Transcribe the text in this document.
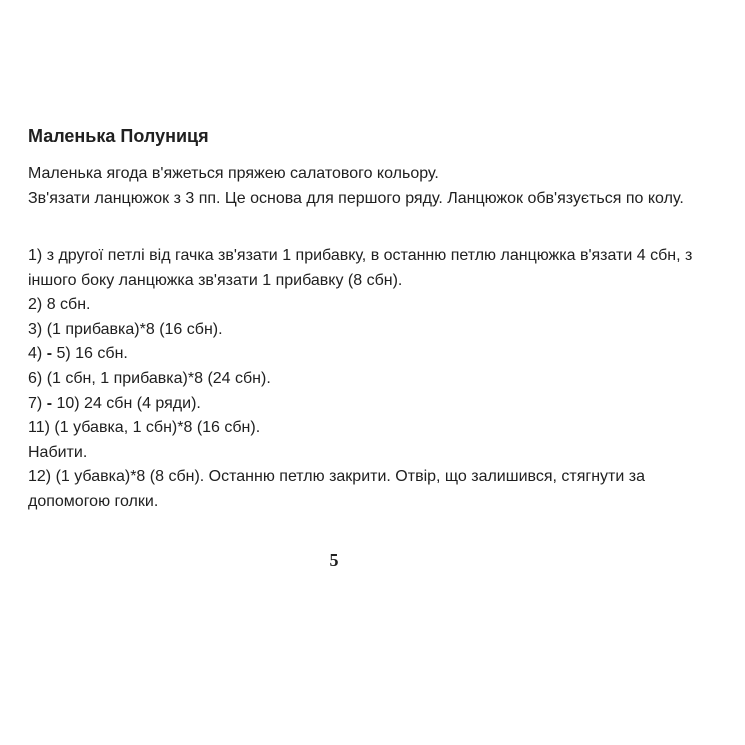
Маленька Полуниця

Маленька ягода в'яжеться пряжею салатового кольору.

Зв'язати ланцюжок з 3 пп. Це основа для першого ряду. Ланцюжок обв'язується по колу.

1) з другої петлі від гачка зв'язати 1 прибавку, в останню петлю ланцюжка в'язати 4 сбн, з іншого боку ланцюжка зв'язати 1 прибавку (8 сбн).

2) 8 сбн.

3) (1 прибавка)*8 (16 сбн).

4) - 5) 16 сбн.

6) (1 сбн, 1 прибавка)*8 (24 сбн).

7) - 10) 24 сбн (4 ряди).

11) (1 убавка, 1 сбн)*8 (16 сбн).

Набити.

12) (1 убавка)*8 (8 сбн). Останню петлю закрити. Отвір, що залишився, стягнути за допомогою голки.

5
